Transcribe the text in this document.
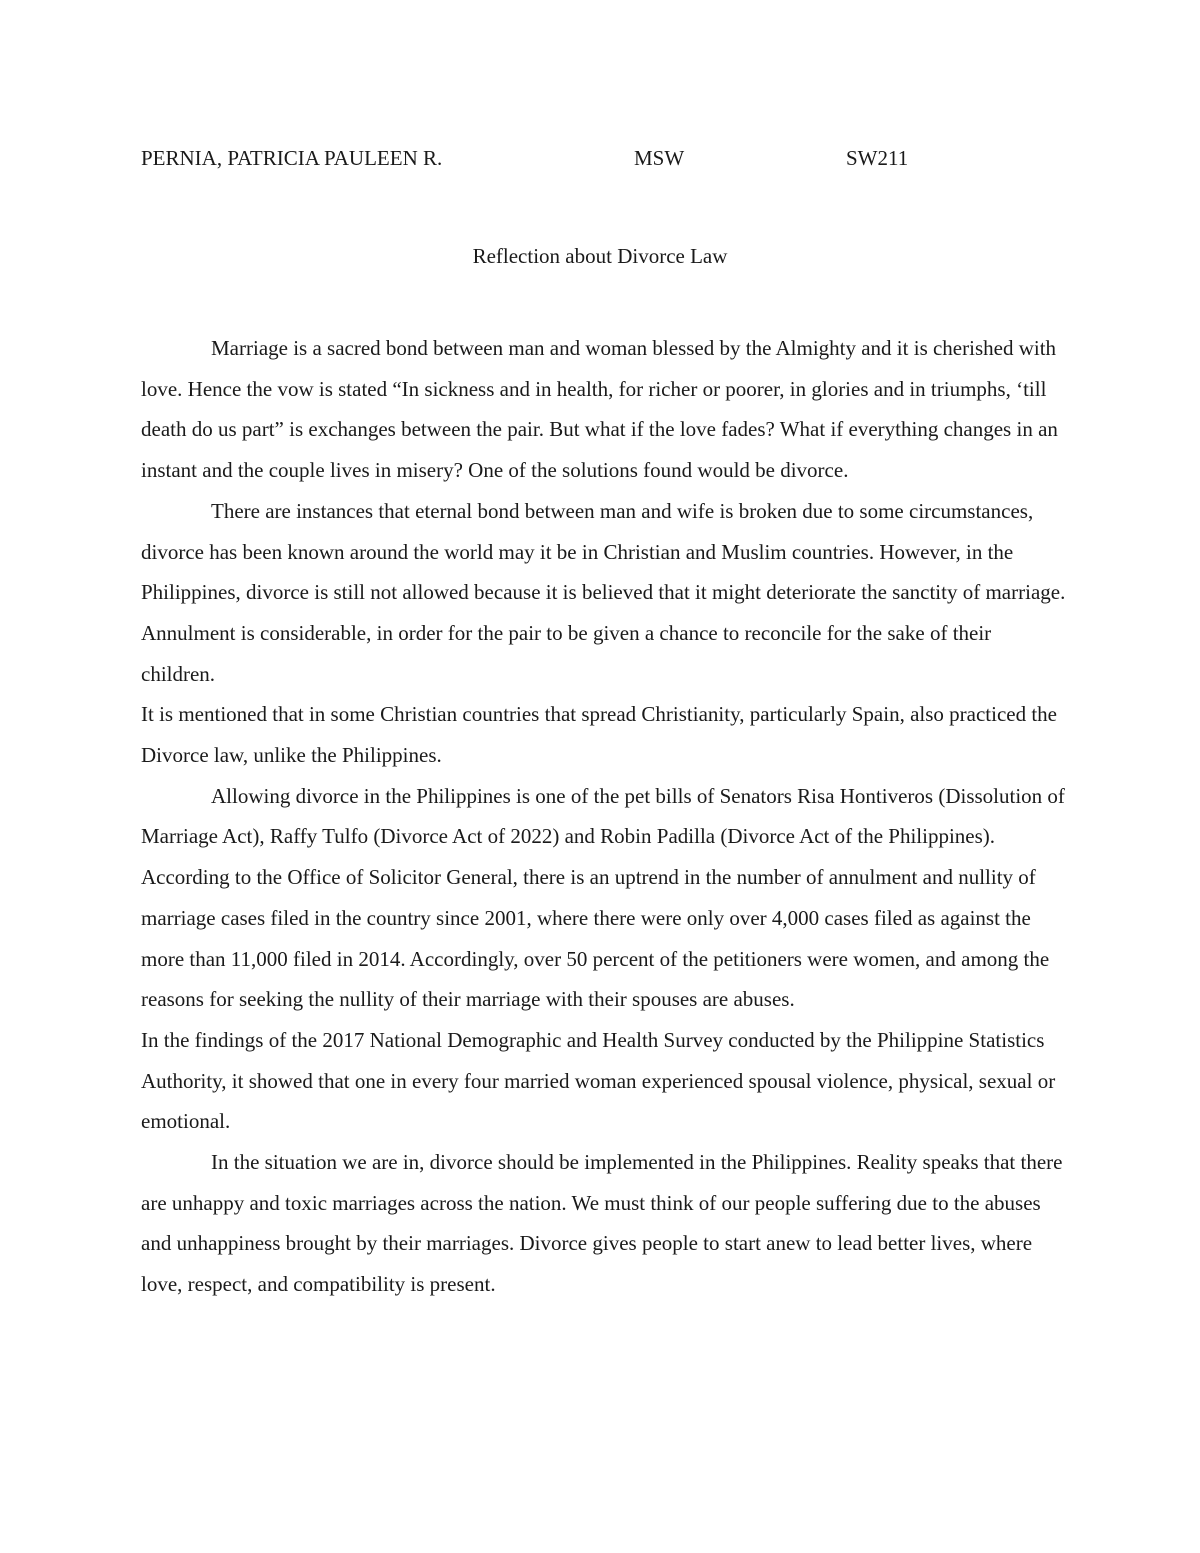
PERNIA, PATRICIA PAULEEN R.	MSW	SW211
Reflection about Divorce Law

Marriage is a sacred bond between man and woman blessed by the Almighty and it is cherished with love. Hence the vow is stated “In sickness and in health, for richer or poorer, in glories and in triumphs, ‘till death do us part” is exchanges between the pair. But what if the love fades? What if everything changes in an instant and the couple lives in misery? One of the solutions found would be divorce.

There are instances that eternal bond between man and wife is broken due to some circumstances, divorce has been known around the world may it be in Christian and Muslim countries. However, in the Philippines, divorce is still not allowed because it is believed that it might deteriorate the sanctity of marriage. Annulment is considerable, in order for the pair to be given a chance to reconcile for the sake of their children.

It is mentioned that in some Christian countries that spread Christianity, particularly Spain, also practiced the Divorce law, unlike the Philippines.

Allowing divorce in the Philippines is one of the pet bills of Senators Risa Hontiveros (Dissolution of Marriage Act), Raffy Tulfo (Divorce Act of 2022) and Robin Padilla (Divorce Act of the Philippines). According to the Office of Solicitor General, there is an uptrend in the number of annulment and nullity of marriage cases filed in the country since 2001, where there were only over 4,000 cases filed as against the more than 11,000 filed in 2014. Accordingly, over 50 percent of the petitioners were women, and among the reasons for seeking the nullity of their marriage with their spouses are abuses.

In the findings of the 2017 National Demographic and Health Survey conducted by the Philippine Statistics Authority, it showed that one in every four married woman experienced spousal violence, physical, sexual or emotional.

In the situation we are in, divorce should be implemented in the Philippines. Reality speaks that there are unhappy and toxic marriages across the nation. We must think of our people suffering due to the abuses and unhappiness brought by their marriages. Divorce gives people to start anew to lead better lives, where love, respect, and compatibility is present.
